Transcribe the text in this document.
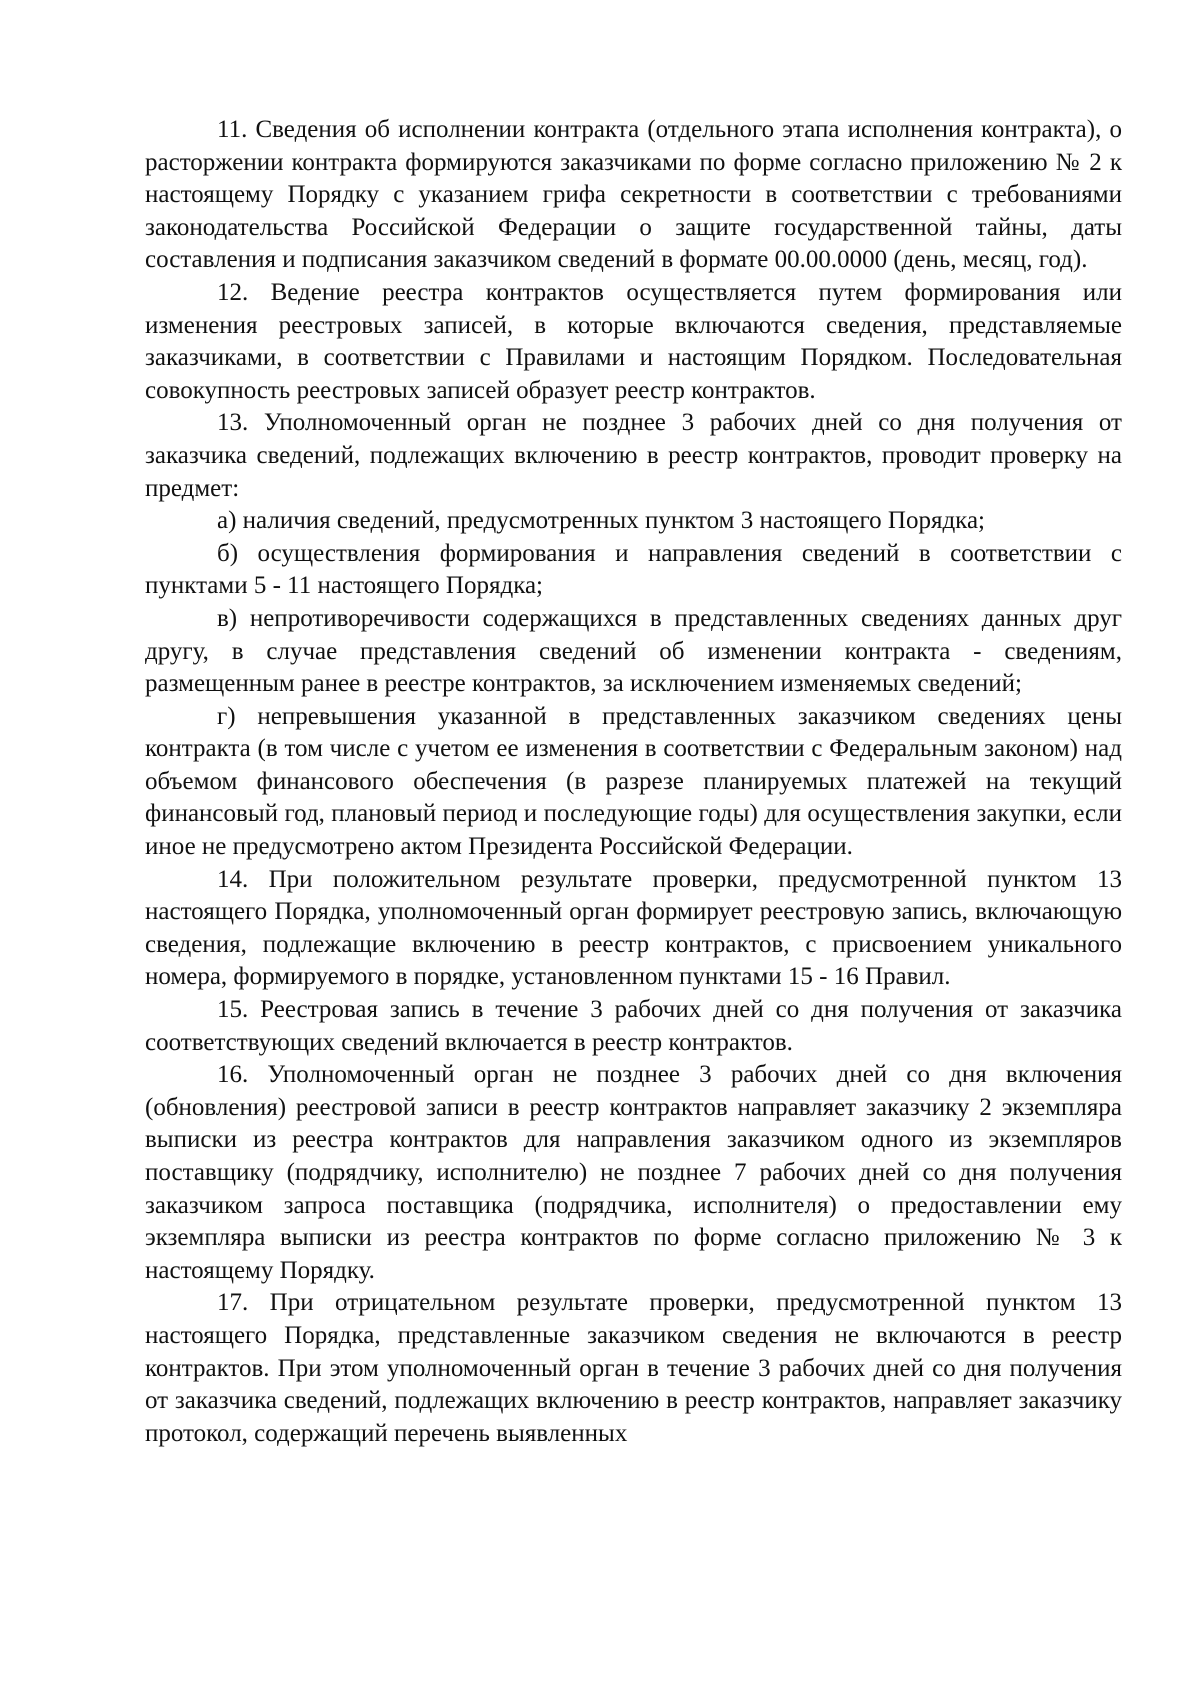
11. Сведения об исполнении контракта (отдельного этапа исполнения контракта), о расторжении контракта формируются заказчиками по форме согласно приложению № 2 к настоящему Порядку с указанием грифа секретности в соответствии с требованиями законодательства Российской Федерации о защите государственной тайны, даты составления и подписания заказчиком сведений в формате 00.00.0000 (день, месяц, год).

12. Ведение реестра контрактов осуществляется путем формирования или изменения реестровых записей, в которые включаются сведения, представляемые заказчиками, в соответствии с Правилами и настоящим Порядком. Последовательная совокупность реестровых записей образует реестр контрактов.

13. Уполномоченный орган не позднее 3 рабочих дней со дня получения от заказчика сведений, подлежащих включению в реестр контрактов, проводит проверку на предмет:

а) наличия сведений, предусмотренных пунктом 3 настоящего Порядка;

б) осуществления формирования и направления сведений в соответствии с пунктами 5 - 11 настоящего Порядка;

в) непротиворечивости содержащихся в представленных сведениях данных друг другу, в случае представления сведений об изменении контракта - сведениям, размещенным ранее в реестре контрактов, за исключением изменяемых сведений;

г) непревышения указанной в представленных заказчиком сведениях цены контракта (в том числе с учетом ее изменения в соответствии с Федеральным законом) над объемом финансового обеспечения (в разрезе планируемых платежей на текущий финансовый год, плановый период и последующие годы) для осуществления закупки, если иное не предусмотрено актом Президента Российской Федерации.

14. При положительном результате проверки, предусмотренной пунктом 13 настоящего Порядка, уполномоченный орган формирует реестровую запись, включающую сведения, подлежащие включению в реестр контрактов, с присвоением уникального номера, формируемого в порядке, установленном пунктами 15 - 16 Правил.

15. Реестровая запись в течение 3 рабочих дней со дня получения от заказчика соответствующих сведений включается в реестр контрактов.

16. Уполномоченный орган не позднее 3 рабочих дней со дня включения (обновления) реестровой записи в реестр контрактов направляет заказчику 2 экземпляра выписки из реестра контрактов для направления заказчиком одного из экземпляров поставщику (подрядчику, исполнителю) не позднее 7 рабочих дней со дня получения заказчиком запроса поставщика (подрядчика, исполнителя) о предоставлении ему экземпляра выписки из реестра контрактов по форме согласно приложению № 3 к настоящему Порядку.

17. При отрицательном результате проверки, предусмотренной пунктом 13 настоящего Порядка, представленные заказчиком сведения не включаются в реестр контрактов. При этом уполномоченный орган в течение 3 рабочих дней со дня получения от заказчика сведений, подлежащих включению в реестр контрактов, направляет заказчику протокол, содержащий перечень выявленных
